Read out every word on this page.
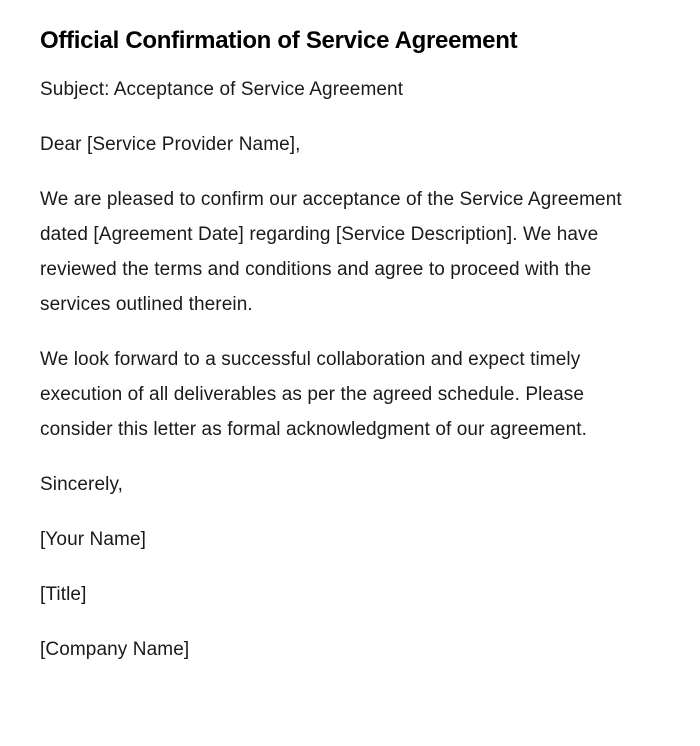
Official Confirmation of Service Agreement

Subject: Acceptance of Service Agreement

Dear [Service Provider Name],

We are pleased to confirm our acceptance of the Service Agreement dated [Agreement Date] regarding [Service Description]. We have reviewed the terms and conditions and agree to proceed with the services outlined therein.

We look forward to a successful collaboration and expect timely execution of all deliverables as per the agreed schedule. Please consider this letter as formal acknowledgment of our agreement.

Sincerely,

[Your Name]

[Title]

[Company Name]
